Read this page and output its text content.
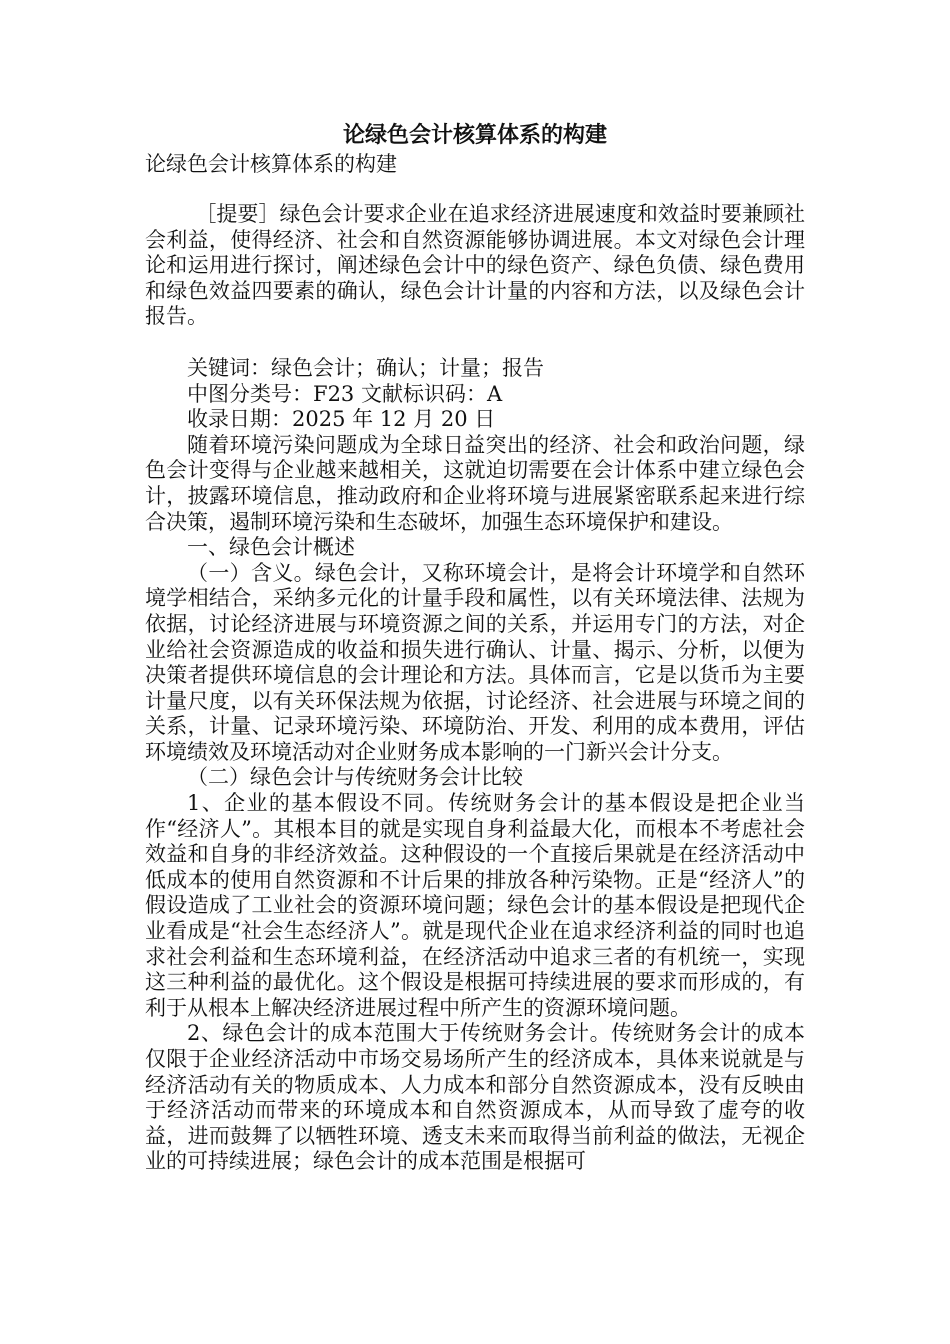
论绿色会计核算体系的构建
论绿色会计核算体系的构建

［提要］绿色会计要求企业在追求经济进展速度和效益时要兼顾社会利益，使得经济、社会和自然资源能够协调进展。本文对绿色会计理论和运用进行探讨，阐述绿色会计中的绿色资产、绿色负债、绿色费用和绿色效益四要素的确认，绿色会计计量的内容和方法，以及绿色会计报告。

关键词：绿色会计；确认；计量；报告

中图分类号：F23 文献标识码：A

收录日期：2025 年 12 月 20 日

随着环境污染问题成为全球日益突出的经济、社会和政治问题，绿色会计变得与企业越来越相关，这就迫切需要在会计体系中建立绿色会计，披露环境信息，推动政府和企业将环境与进展紧密联系起来进行综合决策，遏制环境污染和生态破坏，加强生态环境保护和建设。

一、绿色会计概述

（一）含义。绿色会计，又称环境会计，是将会计环境学和自然环境学相结合，采纳多元化的计量手段和属性，以有关环境法律、法规为依据，讨论经济进展与环境资源之间的关系，并运用专门的方法，对企业给社会资源造成的收益和损失进行确认、计量、揭示、分析，以便为决策者提供环境信息的会计理论和方法。具体而言，它是以货币为主要计量尺度，以有关环保法规为依据，讨论经济、社会进展与环境之间的关系，计量、记录环境污染、环境防治、开发、利用的成本费用，评估环境绩效及环境活动对企业财务成本影响的一门新兴会计分支。

（二）绿色会计与传统财务会计比较

1、企业的基本假设不同。传统财务会计的基本假设是把企业当作“经济人”。其根本目的就是实现自身利益最大化，而根本不考虑社会效益和自身的非经济效益。这种假设的一个直接后果就是在经济活动中低成本的使用自然资源和不计后果的排放各种污染物。正是“经济人”的假设造成了工业社会的资源环境问题；绿色会计的基本假设是把现代企业看成是“社会生态经济人”。就是现代企业在追求经济利益的同时也追求社会利益和生态环境利益，在经济活动中追求三者的有机统一，实现这三种利益的最优化。这个假设是根据可持续进展的要求而形成的，有利于从根本上解决经济进展过程中所产生的资源环境问题。

2、绿色会计的成本范围大于传统财务会计。传统财务会计的成本仅限于企业经济活动中市场交易场所产生的经济成本，具体来说就是与经济活动有关的物质成本、人力成本和部分自然资源成本，没有反映由于经济活动而带来的环境成本和自然资源成本，从而导致了虚夸的收益，进而鼓舞了以牺牲环境、透支未来而取得当前利益的做法，无视企业的可持续进展；绿色会计的成本范围是根据可
